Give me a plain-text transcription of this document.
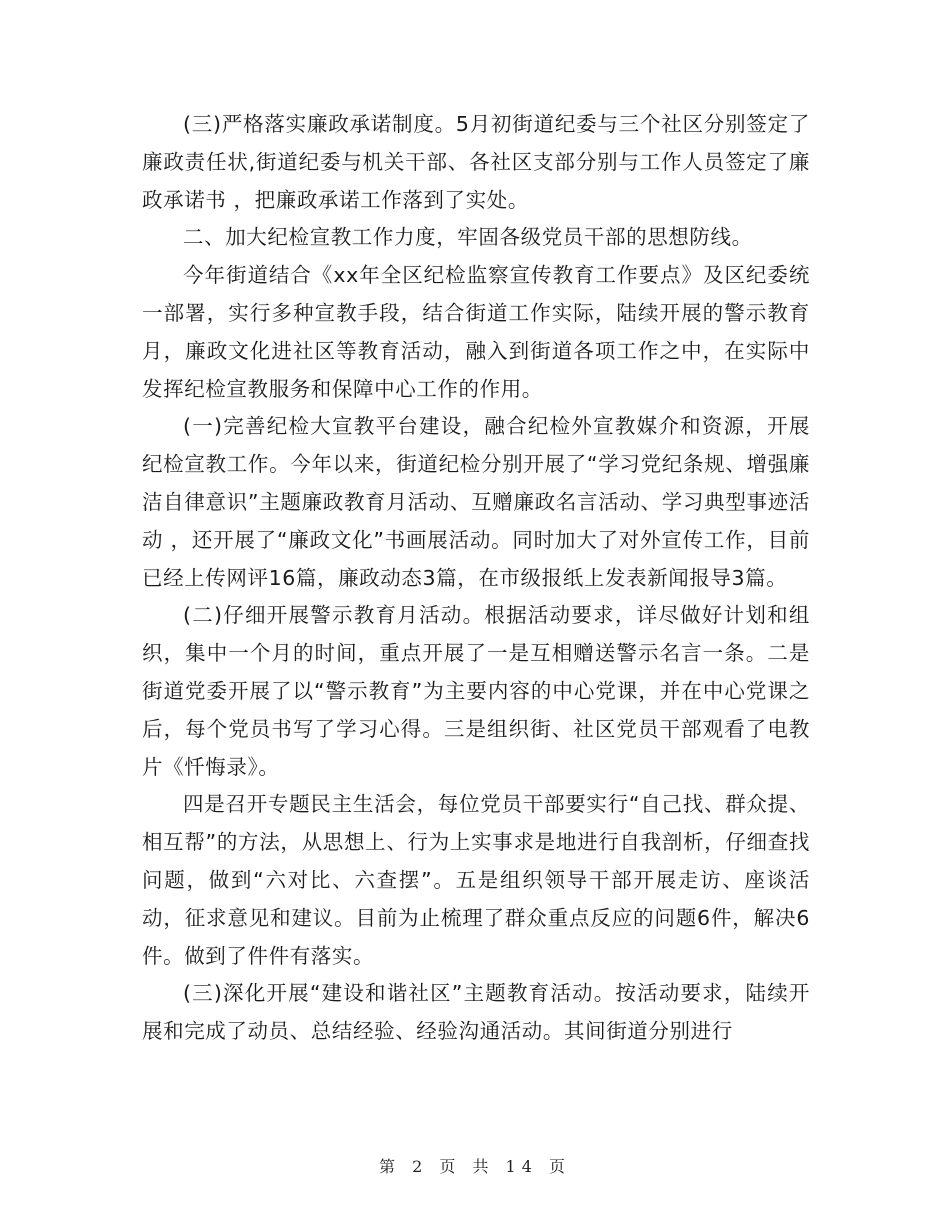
(三)严格落实廉政承诺制度。5月初街道纪委与三个社区分别签定了廉政责任状,街道纪委与机关干部、各社区支部分别与工作人员签定了廉政承诺书 ，把廉政承诺工作落到了实处。

二、加大纪检宣教工作力度，牢固各级党员干部的思想防线。

今年街道结合《xx年全区纪检监察宣传教育工作要点》及区纪委统一部署，实行多种宣教手段，结合街道工作实际，陆续开展的警示教育月，廉政文化进社区等教育活动，融入到街道各项工作之中，在实际中发挥纪检宣教服务和保障中心工作的作用。

(一)完善纪检大宣教平台建设，融合纪检外宣教媒介和资源，开展纪检宣教工作。今年以来，街道纪检分别开展了“学习党纪条规、增强廉洁自律意识”主题廉政教育月活动、互赠廉政名言活动、学习典型事迹活动 ，还开展了“廉政文化”书画展活动。同时加大了对外宣传工作，目前已经上传网评16篇，廉政动态3篇，在市级报纸上发表新闻报导3篇。

(二)仔细开展警示教育月活动。根据活动要求，详尽做好计划和组织，集中一个月的时间，重点开展了一是互相赠送警示名言一条。二是街道党委开展了以“警示教育”为主要内容的中心党课，并在中心党课之后，每个党员书写了学习心得。三是组织街、社区党员干部观看了电教片《忏悔录》。

四是召开专题民主生活会，每位党员干部要实行“自己找、群众提、相互帮”的方法，从思想上、行为上实事求是地进行自我剖析，仔细查找问题，做到“六对比、六查摆”。五是组织领导干部开展走访、座谈活动，征求意见和建议。目前为止梳理了群众重点反应的问题6件，解决6件。做到了件件有落实。

(三)深化开展“建设和谐社区”主题教育活动。按活动要求，陆续开展和完成了动员、总结经验、经验沟通活动。其间街道分别进行

第 2 页 共 14 页
